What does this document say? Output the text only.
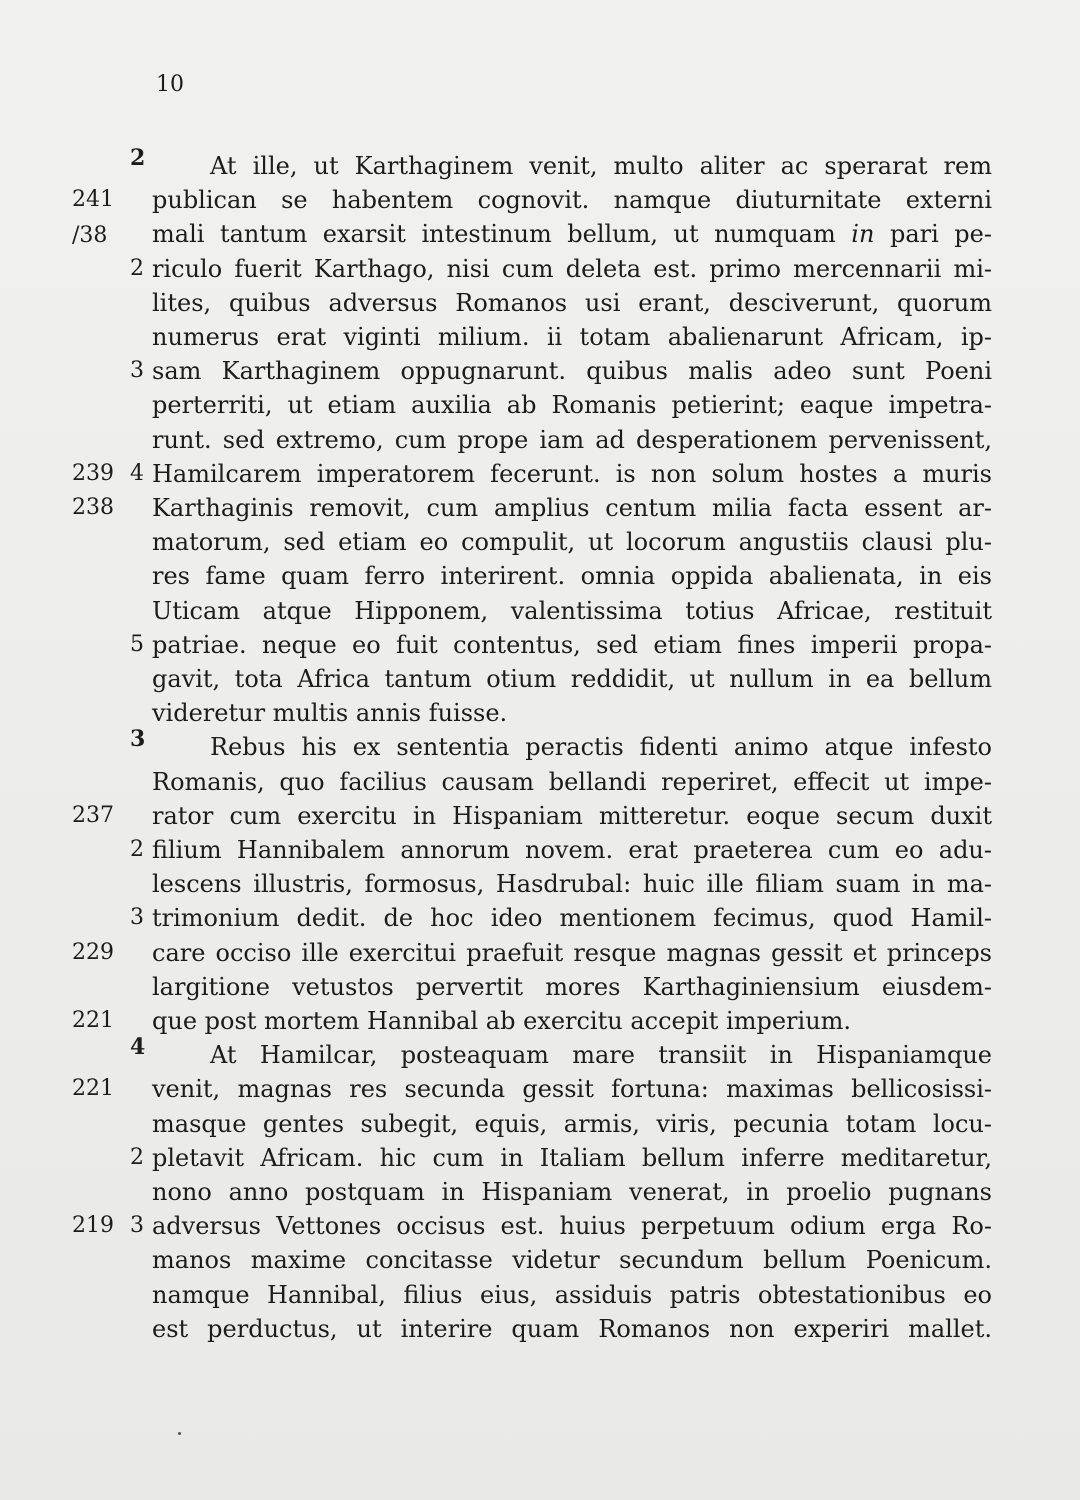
10
2	At ille, ut Karthaginem venit, multo aliter ac sperarat rem
241 /38
publican se habentem cognovit. namque diuturnitate externi
mali tantum exarsit intestinum bellum, ut numquam in pari pe-
2 riculo fuerit Karthago, nisi cum deleta est. primo mercennarii mi-
lites, quibus adversus Romanos usi erant, desciverunt, quorum
numerus erat viginti milium. ii totam abalienarunt Africam, ip-
3 sam Karthaginem oppugnarunt. quibus malis adeo sunt Poeni
perterriti, ut etiam auxilia ab Romanis petierint; eaque impetra-
runt. sed extremo, cum prope iam ad desperationem pervenissent,
239 4 Hamilcarem imperatorem fecerunt. is non solum hostes a muris
238	Karthaginis removit, cum amplius centum milia facta essent ar-
matorum, sed etiam eo compulit, ut locorum angustiis clausi plu-
res fame quam ferro interirent. omnia oppida abalienata, in eis
Uticam atque Hipponem, valentissima totius Africae, restituit
5 patriae. neque eo fuit contentus, sed etiam fines imperii propa-
gavit, tota Africa tantum otium reddidit, ut nullum in ea bellum
videretur multis annis fuisse.
3	Rebus his ex sententia peractis fidenti animo atque infesto
Romanis, quo facilius causam bellandi reperiret, effecit ut impe-
237	rator cum exercitu in Hispaniam mitteretur. eoque secum duxit
2 filium Hannibalem annorum novem. erat praeterea cum eo adu-
lescens illustris, formosus, Hasdrubal: huic ille filiam suam in ma-
3 trimonium dedit. de hoc ideo mentionem fecimus, quod Hamil-
229	care occiso ille exercitui praefuit resque magnas gessit et princeps
largitione vetustos pervertit mores Karthaginiensium eiusdem-
221	que post mortem Hannibal ab exercitu accepit imperium.
4	At Hamilcar, posteaquam mare transiit in Hispaniamque
221	venit, magnas res secunda gessit fortuna: maximas bellicosissi-
masque gentes subegit, equis, armis, viris, pecunia totam locu-
2 pletavit Africam. hic cum in Italiam bellum inferre meditaretur,
nono anno postquam in Hispaniam venerat, in proelio pugnans
219 3 adversus Vettones occisus est. huius perpetuum odium erga Ro-
manos maxime concitasse videtur secundum bellum Poenicum.
namque Hannibal, filius eius, assiduis patris obtestationibus eo
est perductus, ut interire quam Romanos non experiri mallet.
